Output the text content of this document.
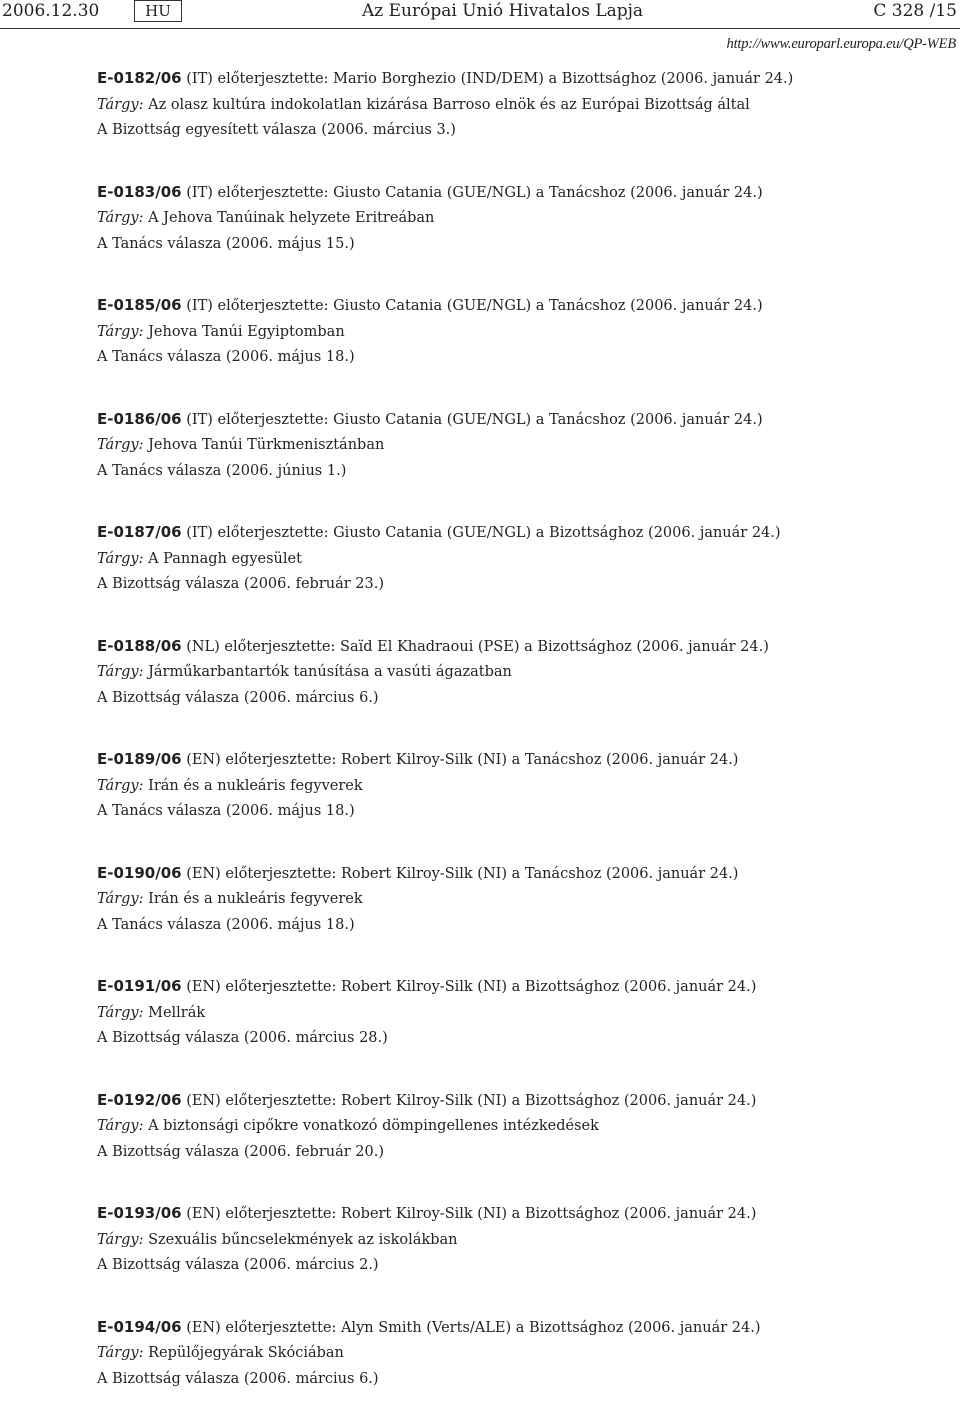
2006.12.30	HU	Az Európai Unió Hivatalos Lapja	C 328 /15
http://www.europarl.europa.eu/QP-WEB
E-0182/06 (IT) előterjesztette: Mario Borghezio (IND/DEM) a Bizottsághoz (2006. január 24.)
Tárgy: Az olasz kultúra indokolatlan kizárása Barroso elnök és az Európai Bizottság által
A Bizottság egyesített válasza (2006. március 3.)
E-0183/06 (IT) előterjesztette: Giusto Catania (GUE/NGL) a Tanácshoz (2006. január 24.)
Tárgy: A Jehova Tanúinak helyzete Eritreában
A Tanács válasza (2006. május 15.)
E-0185/06 (IT) előterjesztette: Giusto Catania (GUE/NGL) a Tanácshoz (2006. január 24.)
Tárgy: Jehova Tanúi Egyiptomban
A Tanács válasza (2006. május 18.)
E-0186/06 (IT) előterjesztette: Giusto Catania (GUE/NGL) a Tanácshoz (2006. január 24.)
Tárgy: Jehova Tanúi Türkmenisztánban
A Tanács válasza (2006. június 1.)
E-0187/06 (IT) előterjesztette: Giusto Catania (GUE/NGL) a Bizottsághoz (2006. január 24.)
Tárgy: A Pannagh egyesület
A Bizottság válasza (2006. február 23.)
E-0188/06 (NL) előterjesztette: Saïd El Khadraoui (PSE) a Bizottsághoz (2006. január 24.)
Tárgy: Járműkarbantartók tanúsítása a vasúti ágazatban
A Bizottság válasza (2006. március 6.)
E-0189/06 (EN) előterjesztette: Robert Kilroy-Silk (NI) a Tanácshoz (2006. január 24.)
Tárgy: Irán és a nukleáris fegyverek
A Tanács válasza (2006. május 18.)
E-0190/06 (EN) előterjesztette: Robert Kilroy-Silk (NI) a Tanácshoz (2006. január 24.)
Tárgy: Irán és a nukleáris fegyverek
A Tanács válasza (2006. május 18.)
E-0191/06 (EN) előterjesztette: Robert Kilroy-Silk (NI) a Bizottsághoz (2006. január 24.)
Tárgy: Mellrák
A Bizottság válasza (2006. március 28.)
E-0192/06 (EN) előterjesztette: Robert Kilroy-Silk (NI) a Bizottsághoz (2006. január 24.)
Tárgy: A biztonsági cipőkre vonatkozó dömpingellenes intézkedések
A Bizottság válasza (2006. február 20.)
E-0193/06 (EN) előterjesztette: Robert Kilroy-Silk (NI) a Bizottsághoz (2006. január 24.)
Tárgy: Szexuális bűncselekmények az iskolákban
A Bizottság válasza (2006. március 2.)
E-0194/06 (EN) előterjesztette: Alyn Smith (Verts/ALE) a Bizottsághoz (2006. január 24.)
Tárgy: Repülőjegyárak Skóciában
A Bizottság válasza (2006. március 6.)
